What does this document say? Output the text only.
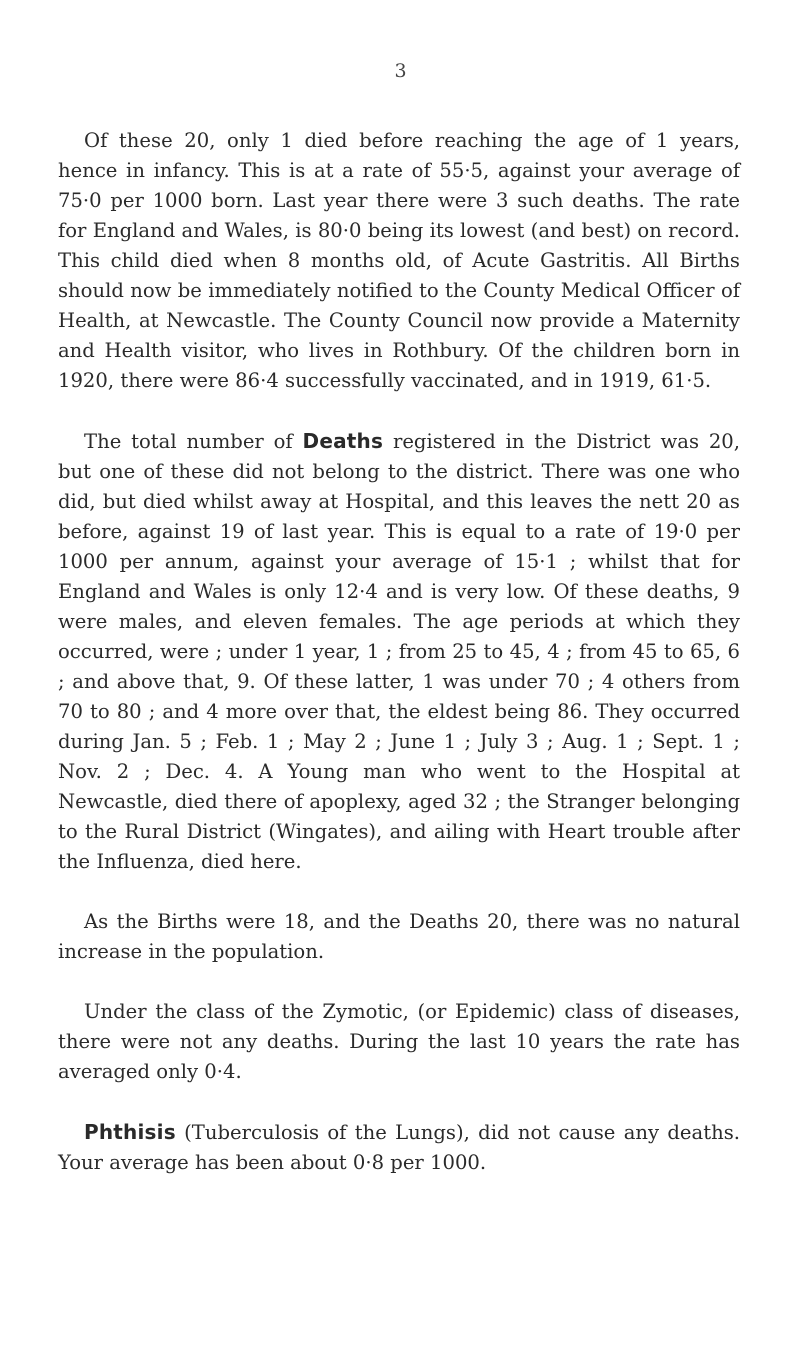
3

Of these 20, only 1 died before reaching the age of 1 years, hence in infancy. This is at a rate of 55·5, against your average of 75·0 per 1000 born. Last year there were 3 such deaths. The rate for England and Wales, is 80·0 being its lowest (and best) on record. This child died when 8 months old, of Acute Gastritis. All Births should now be immediately notified to the County Medical Officer of Health, at Newcastle. The County Council now provide a Maternity and Health visitor, who lives in Rothbury. Of the children born in 1920, there were 86·4 successfully vaccinated, and in 1919, 61·5.

The total number of Deaths registered in the District was 20, but one of these did not belong to the district. There was one who did, but died whilst away at Hospital, and this leaves the nett 20 as before, against 19 of last year. This is equal to a rate of 19·0 per 1000 per annum, against your average of 15·1 ; whilst that for England and Wales is only 12·4 and is very low. Of these deaths, 9 were males, and eleven females. The age periods at which they occurred, were ; under 1 year, 1 ; from 25 to 45, 4 ; from 45 to 65, 6 ; and above that, 9. Of these latter, 1 was under 70 ; 4 others from 70 to 80 ; and 4 more over that, the eldest being 86. They occurred during Jan. 5 ; Feb. 1 ; May 2 ; June 1 ; July 3 ; Aug. 1 ; Sept. 1 ; Nov. 2 ; Dec. 4. A Young man who went to the Hospital at Newcastle, died there of apoplexy, aged 32 ; the Stranger belonging to the Rural District (Wingates), and ailing with Heart trouble after the Influenza, died here.

As the Births were 18, and the Deaths 20, there was no natural increase in the population.

Under the class of the Zymotic, (or Epidemic) class of diseases, there were not any deaths. During the last 10 years the rate has averaged only 0·4.

Phthisis (Tuberculosis of the Lungs), did not cause any deaths. Your average has been about 0·8 per 1000.
